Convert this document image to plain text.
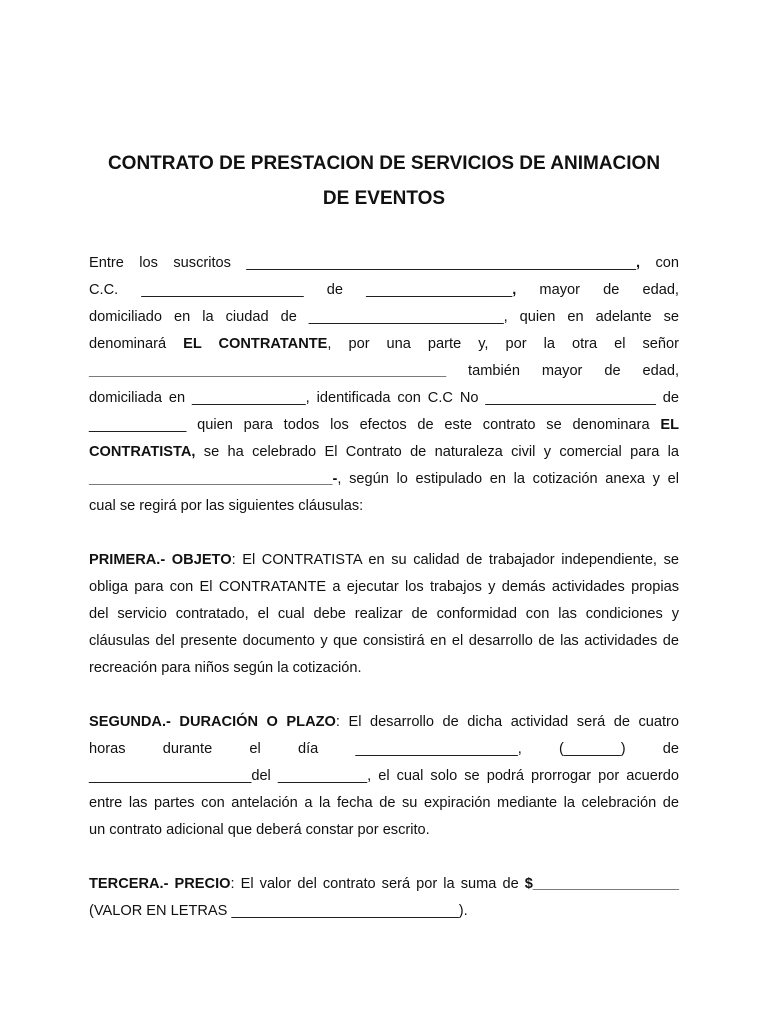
CONTRATO DE PRESTACION DE SERVICIOS DE ANIMACION
DE EVENTOS
Entre los suscritos ________________________________________________, con
C.C. ____________________ de __________________, mayor de edad,
domiciliado en la ciudad de ________________________, quien en adelante se
denominará EL CONTRATANTE, por una parte y, por la otra el señor
____________________________________________ también mayor de edad,
domiciliada en ______________, identificada con C.C No _____________________ de
____________ quien para todos los efectos de este contrato se denominara EL
CONTRATISTA, se ha celebrado El Contrato de naturaleza civil y comercial para la
______________________________-, según lo estipulado en la cotización anexa y el
cual se regirá por las siguientes cláusulas:
PRIMERA.- OBJETO: El CONTRATISTA en su calidad de trabajador independiente, se
obliga para con El CONTRATANTE a ejecutar los trabajos y demás actividades propias
del servicio contratado, el cual debe realizar de conformidad con las condiciones y
cláusulas del presente documento y que consistirá en el desarrollo de las actividades de
recreación para niños según la cotización.
SEGUNDA.- DURACIÓN O PLAZO: El desarrollo de dicha actividad será de cuatro
horas durante el día ____________________, (_______) de
____________________del ___________, el cual solo se podrá prorrogar por acuerdo
entre las partes con antelación a la fecha de su expiración mediante la celebración de
un contrato adicional que deberá constar por escrito.
TERCERA.- PRECIO: El valor del contrato será por la suma de $__________________
(VALOR EN LETRAS ____________________________).
